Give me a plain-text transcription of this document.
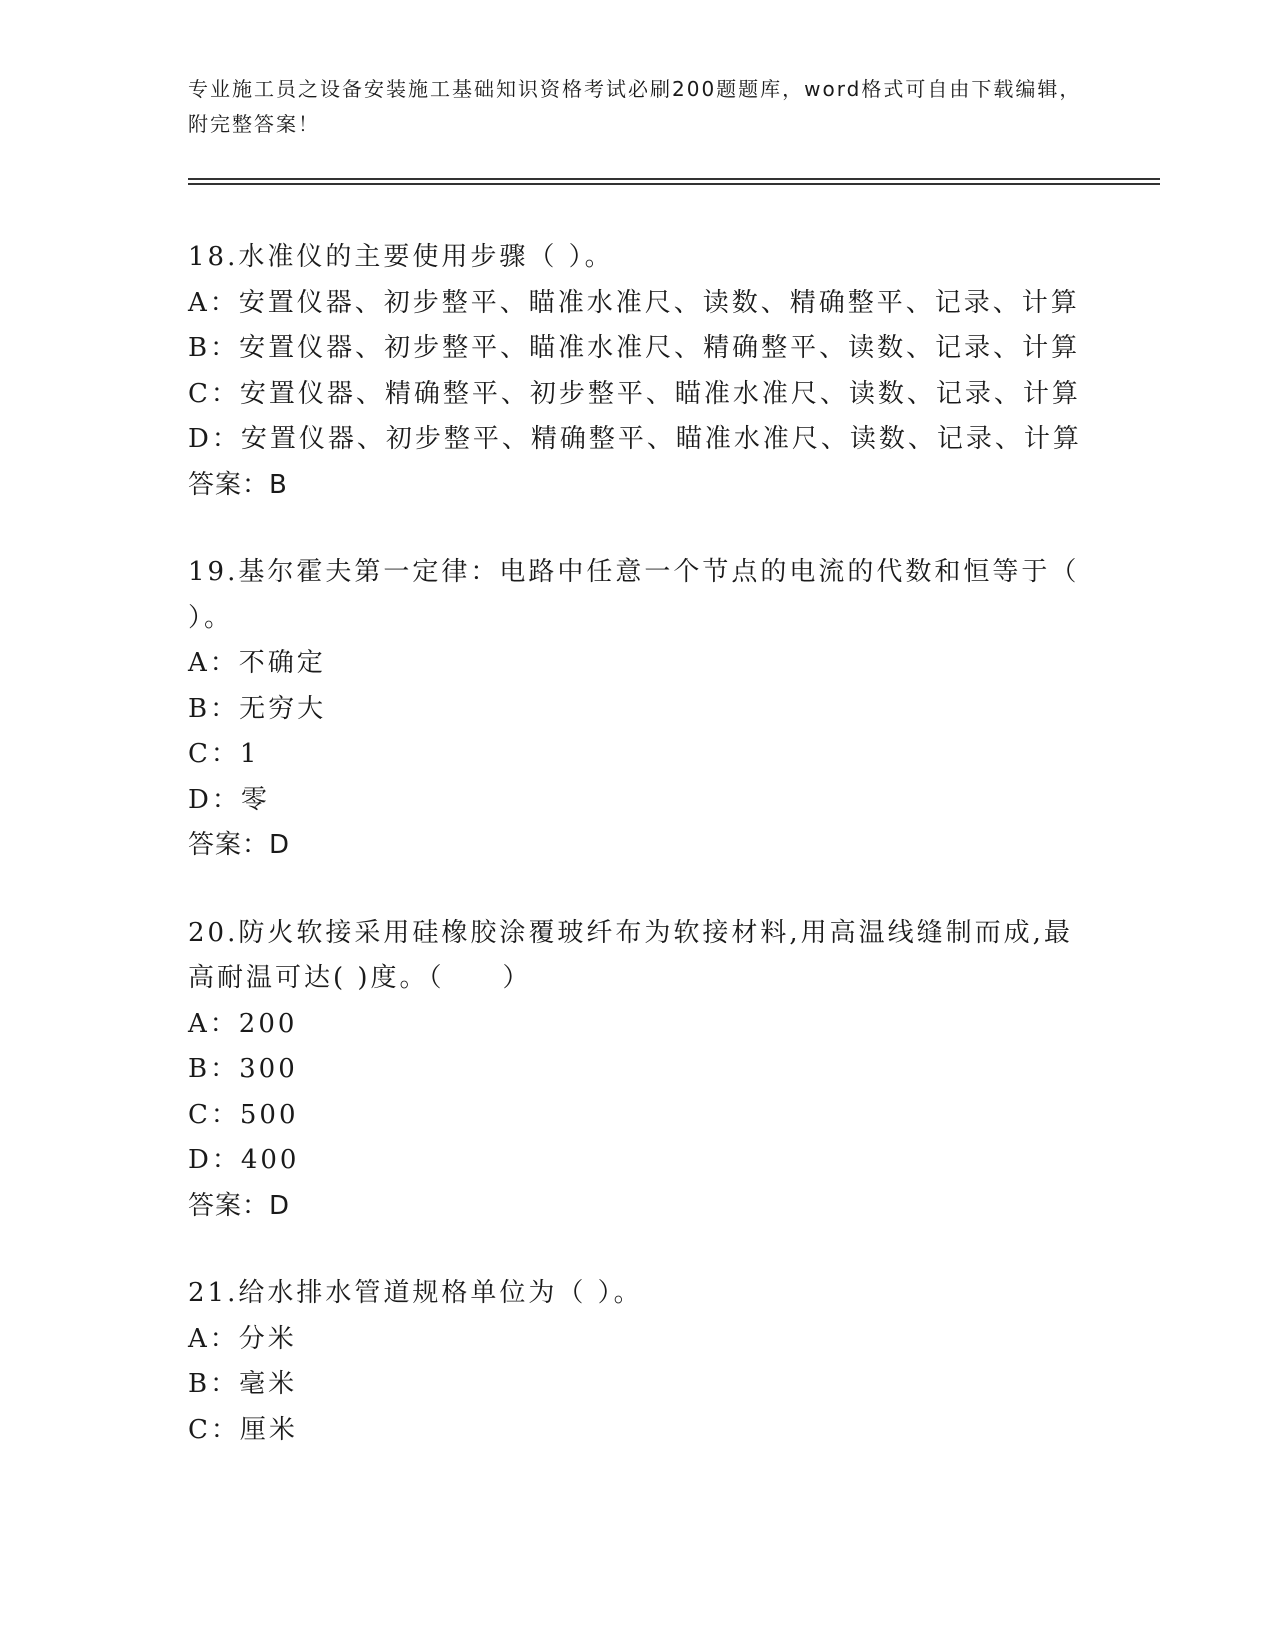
专业施工员之设备安装施工基础知识资格考试必刷200题题库，word格式可自由下载编辑，附完整答案！
18.水准仪的主要使用步骤（ ）。
A：安置仪器、初步整平、瞄准水准尺、读数、精确整平、记录、计算
B：安置仪器、初步整平、瞄准水准尺、精确整平、读数、记录、计算
C：安置仪器、精确整平、初步整平、瞄准水准尺、读数、记录、计算
D：安置仪器、初步整平、精确整平、瞄准水准尺、读数、记录、计算
答案：B
19.基尔霍夫第一定律：电路中任意一个节点的电流的代数和恒等于（ ）。
A：不确定
B：无穷大
C：1
D：零
答案：D
20.防火软接采用硅橡胶涂覆玻纤布为软接材料,用高温线缝制而成,最高耐温可达( )度。（　　）
A：200
B：300
C：500
D：400
答案：D
21.给水排水管道规格单位为（ ）。
A：分米
B：毫米
C：厘米
